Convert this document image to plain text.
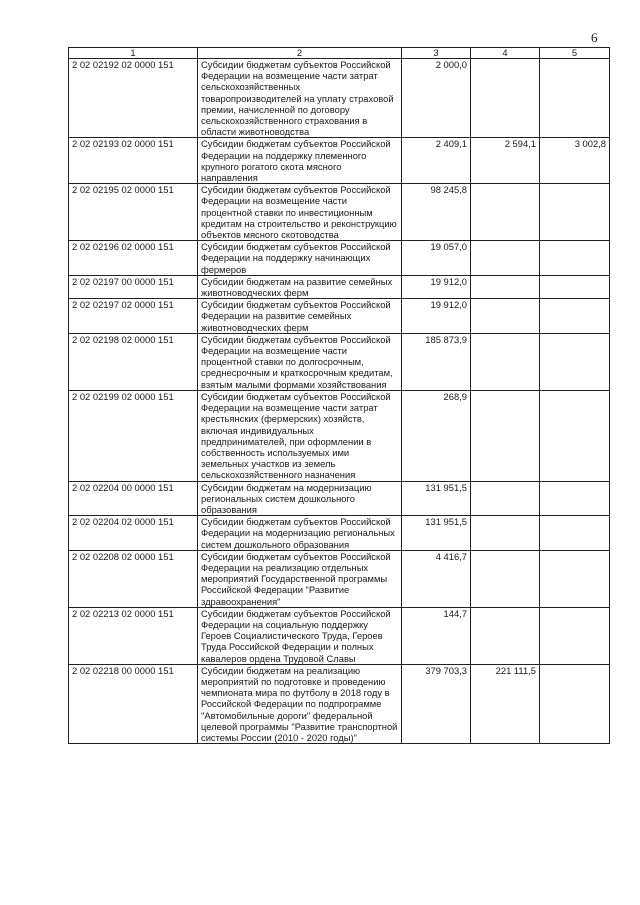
6
1	2	3	4	5
2 02 02192 02 0000 151	Субсидии бюджетам субъектов Российской Федерации на возмещение части затрат сельскохозяйственных товаропроизводителей на уплату страховой премии, начисленной по договору сельскохозяйственного страхования в области животноводства	2 000,0		
2 02 02193 02 0000 151	Субсидии бюджетам субъектов Российской Федерации на поддержку племенного крупного рогатого скота мясного направления	2 409,1	2 594,1	3 002,8
2 02 02195 02 0000 151	Субсидии бюджетам субъектов Российской Федерации на возмещение части процентной ставки по инвестиционным кредитам на строительство и реконструкцию объектов мясного скотоводства	98 245,8		
2 02 02196 02 0000 151	Субсидии бюджетам субъектов Российской Федерации на поддержку начинающих фермеров	19 057,0		
2 02 02197 00 0000 151	Субсидии бюджетам на развитие семейных животноводческих ферм	19 912,0		
2 02 02197 02 0000 151	Субсидии бюджетам субъектов Российской Федерации на развитие семейных животноводческих ферм	19 912,0		
2 02 02198 02 0000 151	Субсидии бюджетам субъектов Российской Федерации на возмещение части процентной ставки по долгосрочным, среднесрочным и краткосрочным кредитам, взятым малыми формами хозяйствования	185 873,9		
2 02 02199 02 0000 151	Субсидии бюджетам субъектов Российской Федерации на возмещение части затрат крестьянских (фермерских) хозяйств, включая индивидуальных предпринимателей, при оформлении в собственность используемых ими земельных участков из земель сельскохозяйственного назначения	268,9		
2 02 02204 00 0000 151	Субсидии бюджетам на модернизацию региональных систем дошкольного образования	131 951,5		
2 02 02204 02 0000 151	Субсидии бюджетам субъектов Российской Федерации на модернизацию региональных систем дошкольного образования	131 951,5		
2 02 02208 02 0000 151	Субсидии бюджетам субъектов Российской Федерации на реализацию отдельных мероприятий Государственной программы Российской Федерации "Развитие здравоохранения"	4 416,7		
2 02 02213 02 0000 151	Субсидии бюджетам субъектов Российской Федерации на социальную поддержку Героев Социалистического Труда, Героев Труда Российской Федерации и полных кавалеров ордена Трудовой Славы	144,7		
2 02 02218 00 0000 151	Субсидии бюджетам на реализацию мероприятий по подготовке и проведению чемпионата мира по футболу в 2018 году в Российской Федерации по подпрограмме "Автомобильные дороги" федеральной целевой программы "Развитие транспортной системы России (2010 - 2020 годы)"	379 703,3	221 111,5	
